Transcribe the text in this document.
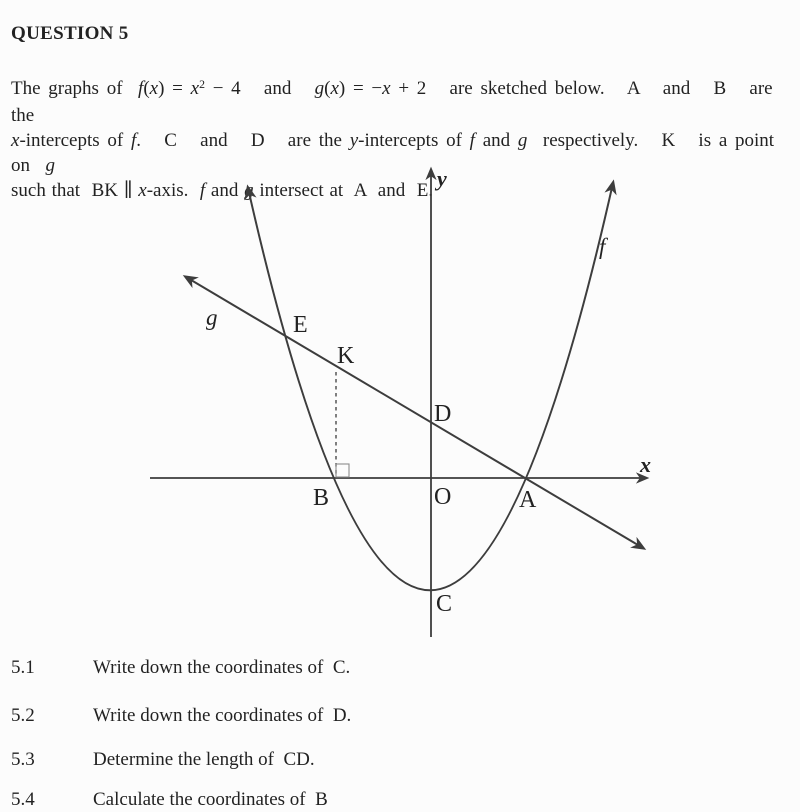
QUESTION 5
The graphs of  $f(x) = x^2 - 4$   and   g(x) = −x + 2   are sketched below.   A   and   B   are the
x-intercepts of f.   C   and   D   are the y-intercepts of f and g  respectively.   K   is a point on  g
such that  BK ∥ x-axis.  f and g intersect at  A  and  E. y
x
f
g	E
K
D
B	O	A
C
5.1	Write down the coordinates of  C.
5.2	Write down the coordinates of  D.
5.3	Determine the length of  CD.
5.4	Calculate the coordinates of  B
